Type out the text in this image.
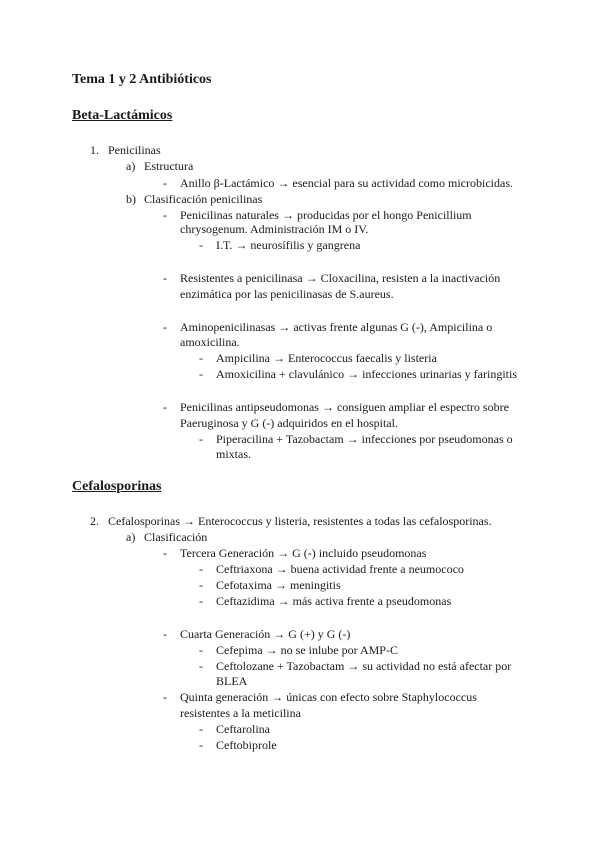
Tema 1 y 2 Antibióticos
Beta-Lactámicos
1. Penicilinas
a) Estructura
- Anillo β-Lactámico → esencial para su actividad como microbicidas.
b) Clasificación penicilinas
- Penicilinas naturales → producidas por el hongo Penicillium
chrysogenum. Administración IM o IV.
- I.T. → neurosífilis y gangrena
- Resistentes a penicilinasa → Cloxacilina, resisten a la inactivación
enzimática por las penicilinasas de S.aureus.
- Aminopenicilinasas → activas frente algunas G (-), Ampicilina o
amoxicilina.
- Ampicilina → Enterococcus faecalis y listeria
- Amoxicilina + clavulánico → infecciones urinarias y faringitis
- Penicilinas antipseudomonas → consiguen ampliar el espectro sobre
Paeruginosa y G (-) adquiridos en el hospital.
- Piperacilina + Tazobactam → infecciones por pseudomonas o
mixtas.
Cefalosporinas
2. Cefalosporinas → Enterococcus y listeria, resistentes a todas las cefalosporinas.
a) Clasificación
- Tercera Generación → G (-) incluido pseudomonas
- Ceftriaxona → buena actividad frente a neumococo
- Cefotaxima → meningitis
- Ceftazidima → más activa frente a pseudomonas
- Cuarta Generación → G (+) y G (-)
- Cefepima → no se inlube por AMP-C
- Ceftolozane + Tazobactam → su actividad no está afectar por
BLEA
- Quinta generación → únicas con efecto sobre Staphylococcus
resistentes a la meticilina
- Ceftarolina
- Ceftobiprole
